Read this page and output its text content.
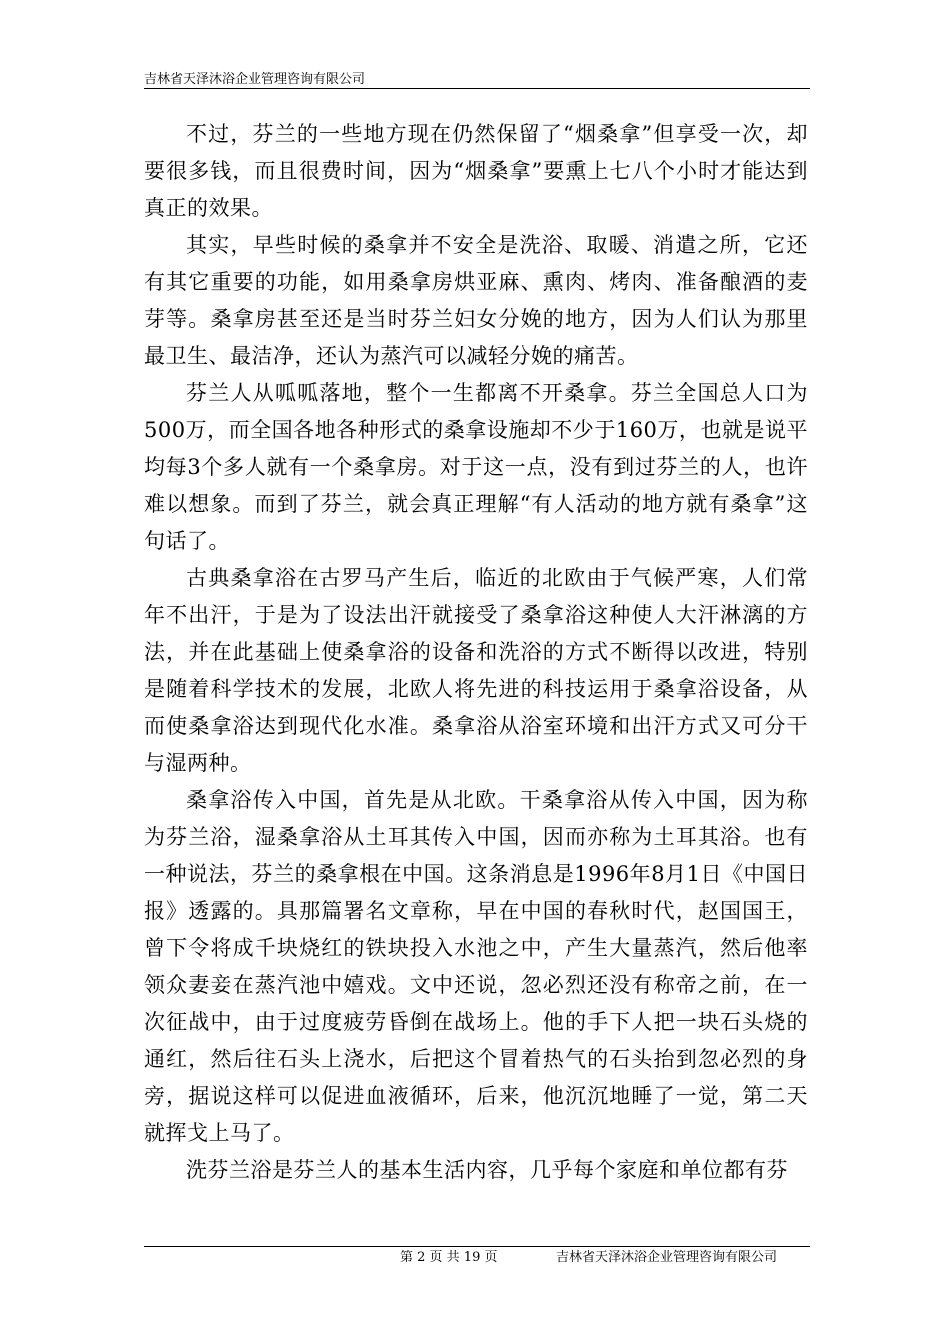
吉林省天泽沐浴企业管理咨询有限公司

不过，芬兰的一些地方现在仍然保留了“烟桑拿”但享受一次，却要很多钱，而且很费时间，因为“烟桑拿”要熏上七八个小时才能达到真正的效果。

其实，早些时候的桑拿并不安全是洗浴、取暖、消遣之所，它还有其它重要的功能，如用桑拿房烘亚麻、熏肉、烤肉、准备酿酒的麦芽等。桑拿房甚至还是当时芬兰妇女分娩的地方，因为人们认为那里最卫生、最洁净，还认为蒸汽可以减轻分娩的痛苦。

芬兰人从呱呱落地，整个一生都离不开桑拿。芬兰全国总人口为500万，而全国各地各种形式的桑拿设施却不少于160万，也就是说平均每3个多人就有一个桑拿房。对于这一点，没有到过芬兰的人，也许难以想象。而到了芬兰，就会真正理解“有人活动的地方就有桑拿”这句话了。

古典桑拿浴在古罗马产生后，临近的北欧由于气候严寒，人们常年不出汗，于是为了设法出汗就接受了桑拿浴这种使人大汗淋漓的方法，并在此基础上使桑拿浴的设备和洗浴的方式不断得以改进，特别是随着科学技术的发展，北欧人将先进的科技运用于桑拿浴设备，从而使桑拿浴达到现代化水准。桑拿浴从浴室环境和出汗方式又可分干与湿两种。

桑拿浴传入中国，首先是从北欧。干桑拿浴从传入中国，因为称为芬兰浴，湿桑拿浴从土耳其传入中国，因而亦称为土耳其浴。也有一种说法，芬兰的桑拿根在中国。这条消息是1996年8月1日《中国日报》透露的。具那篇署名文章称，早在中国的春秋时代，赵国国王，曾下令将成千块烧红的铁块投入水池之中，产生大量蒸汽，然后他率领众妻妾在蒸汽池中嬉戏。文中还说，忽必烈还没有称帝之前，在一次征战中，由于过度疲劳昏倒在战场上。他的手下人把一块石头烧的通红，然后往石头上浇水，后把这个冒着热气的石头抬到忽必烈的身旁，据说这样可以促进血液循环，后来，他沉沉地睡了一觉，第二天就挥戈上马了。

洗芬兰浴是芬兰人的基本生活内容，几乎每个家庭和单位都有芬

第 2 页 共 19 页	吉林省天泽沐浴企业管理咨询有限公司
